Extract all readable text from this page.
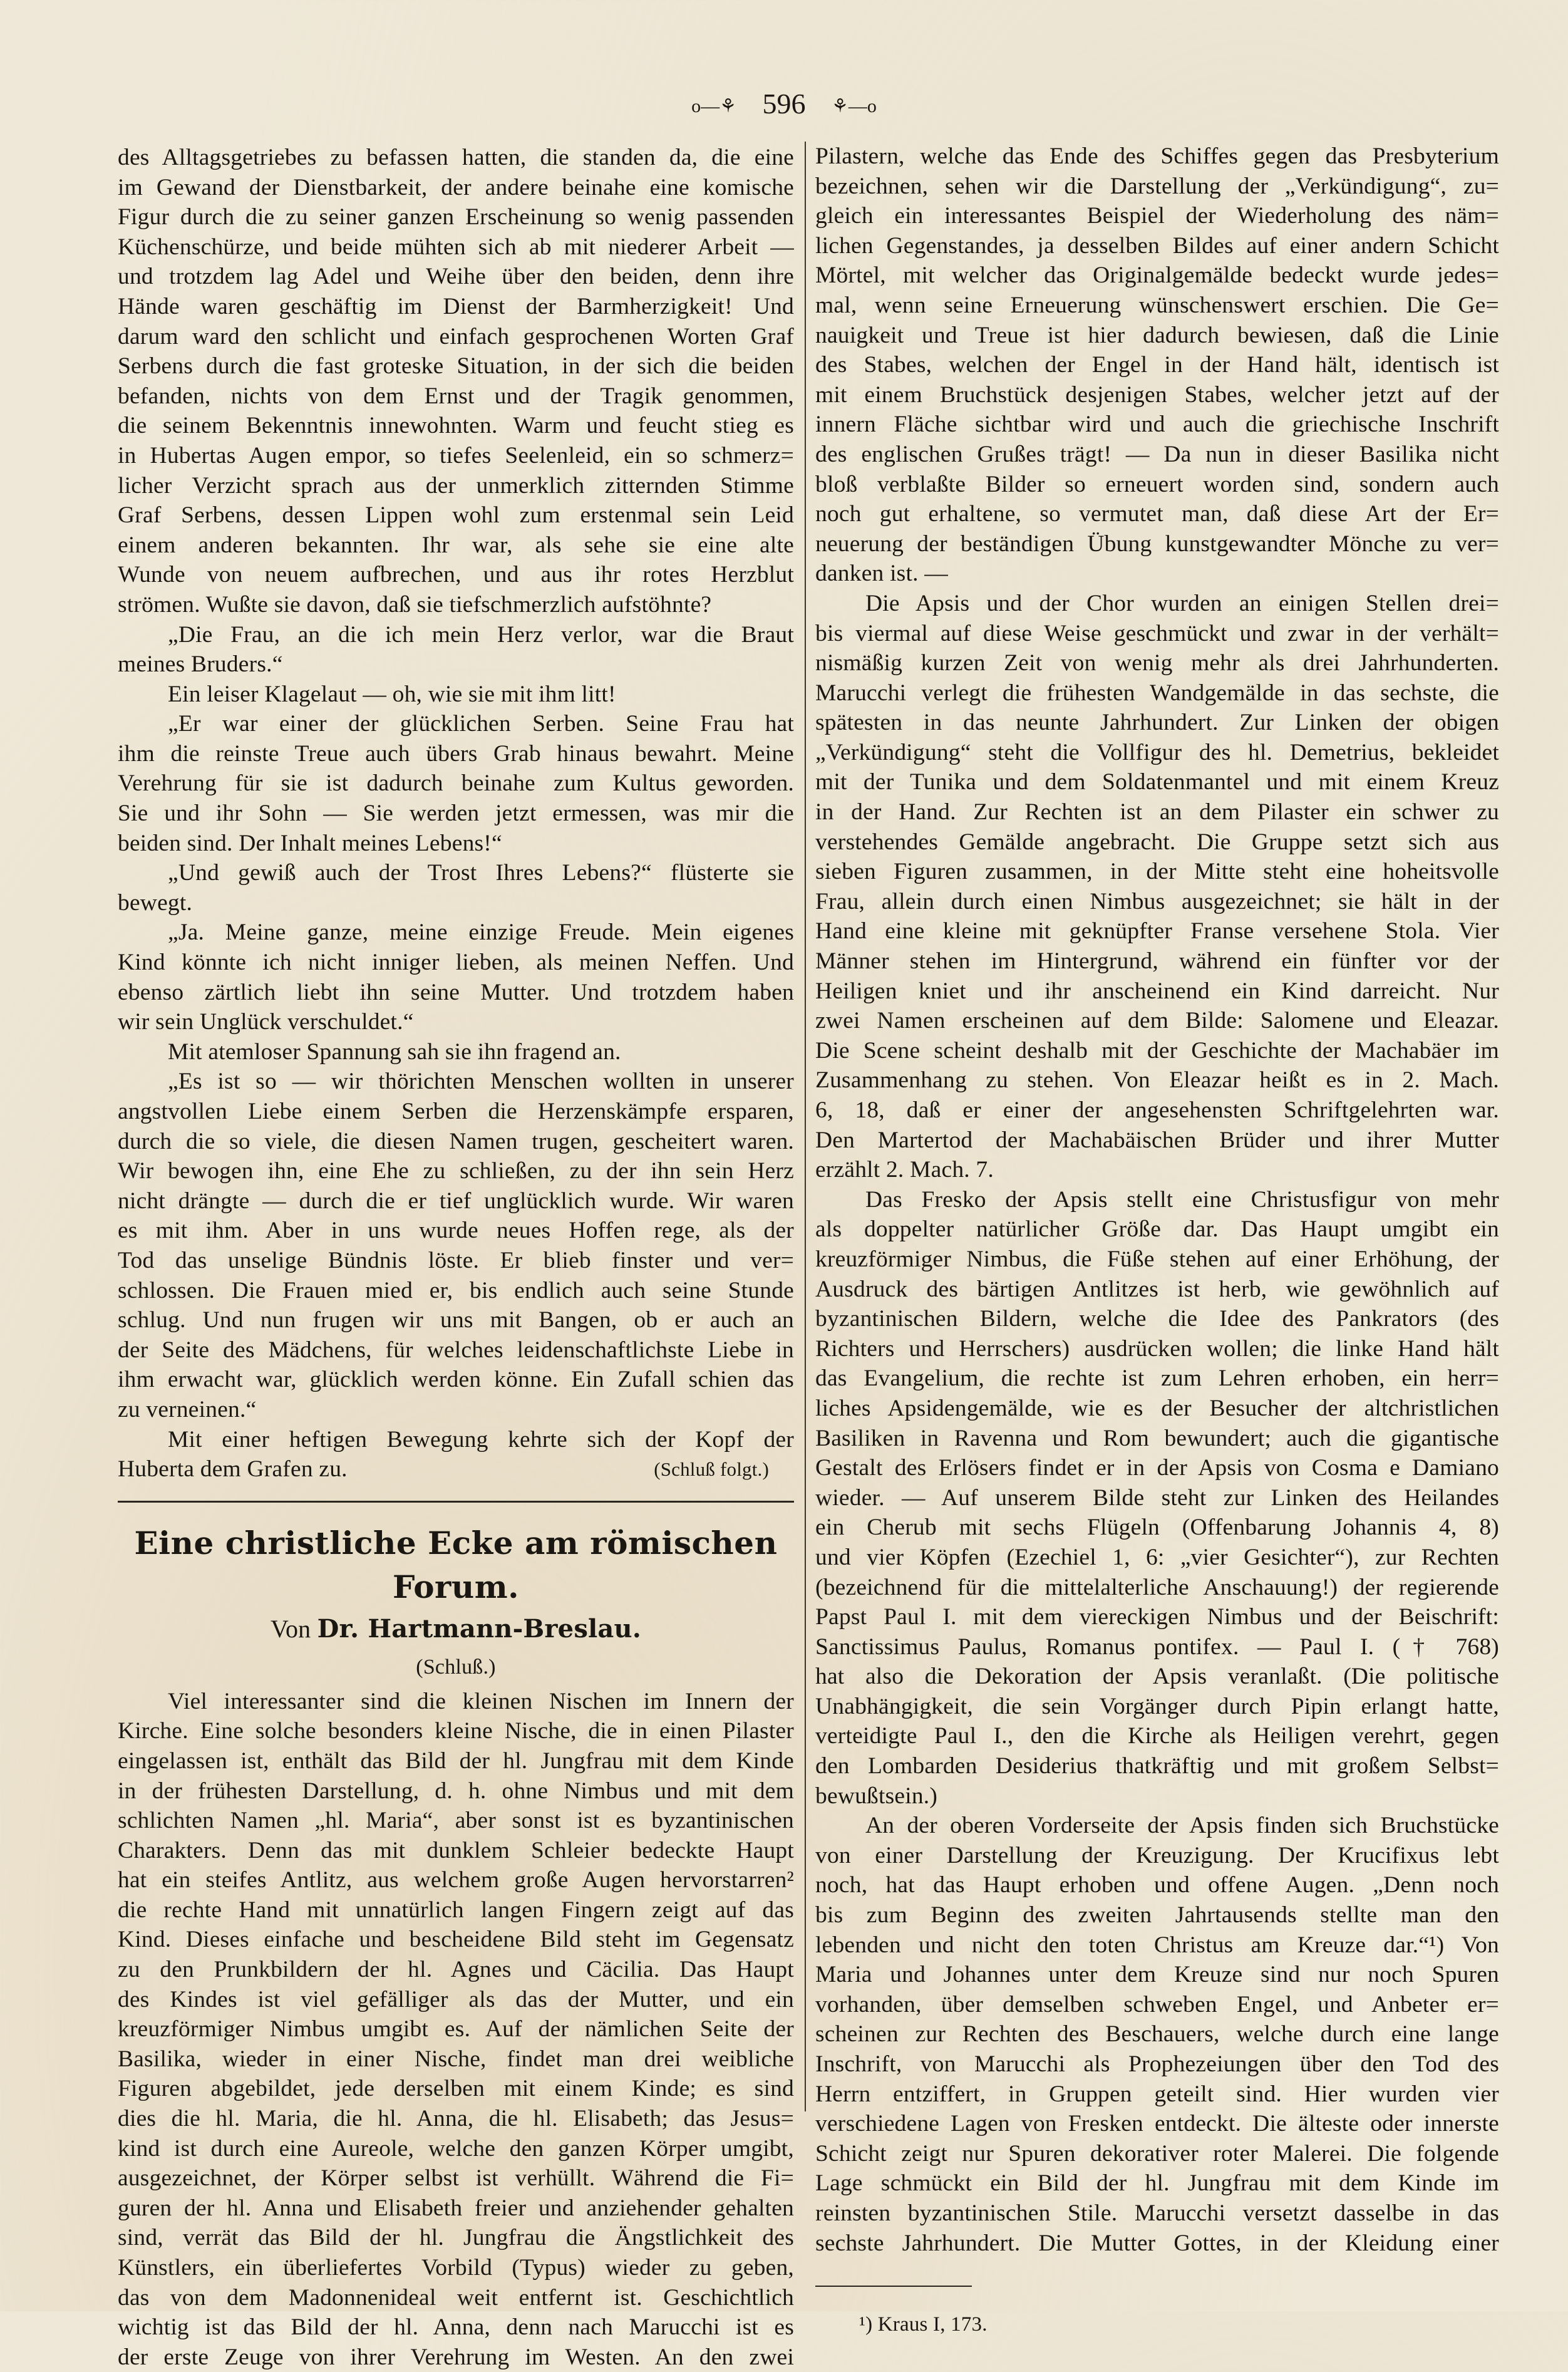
o—⚘ 596 ⚘—o
des Alltagsgetriebes zu befassen hatten, die standen da, die eine
im Gewand der Dienstbarkeit, der andere beinahe eine komische
Figur durch die zu seiner ganzen Erscheinung so wenig passenden
Küchenschürze, und beide mühten sich ab mit niederer Arbeit —
und trotzdem lag Adel und Weihe über den beiden, denn ihre
Hände waren geschäftig im Dienst der Barmherzigkeit! Und
darum ward den schlicht und einfach gesprochenen Worten Graf
Serbens durch die fast groteske Situation, in der sich die beiden
befanden, nichts von dem Ernst und der Tragik genommen,
die seinem Bekenntnis innewohnten. Warm und feucht stieg es
in Hubertas Augen empor, so tiefes Seelenleid, ein so schmerz=
licher Verzicht sprach aus der unmerklich zitternden Stimme
Graf Serbens, dessen Lippen wohl zum erstenmal sein Leid
einem anderen bekannten. Ihr war, als sehe sie eine alte
Wunde von neuem aufbrechen, und aus ihr rotes Herzblut
strömen. Wußte sie davon, daß sie tiefschmerzlich aufstöhnte?
„Die Frau, an die ich mein Herz verlor, war die Braut
meines Bruders.“
Ein leiser Klagelaut — oh, wie sie mit ihm litt!
„Er war einer der glücklichen Serben. Seine Frau hat
ihm die reinste Treue auch übers Grab hinaus bewahrt. Meine
Verehrung für sie ist dadurch beinahe zum Kultus geworden.
Sie und ihr Sohn — Sie werden jetzt ermessen, was mir die
beiden sind. Der Inhalt meines Lebens!“
„Und gewiß auch der Trost Ihres Lebens?“ flüsterte sie
bewegt.
„Ja. Meine ganze, meine einzige Freude. Mein eigenes
Kind könnte ich nicht inniger lieben, als meinen Neffen. Und
ebenso zärtlich liebt ihn seine Mutter. Und trotzdem haben
wir sein Unglück verschuldet.“
Mit atemloser Spannung sah sie ihn fragend an.
„Es ist so — wir thörichten Menschen wollten in unserer
angstvollen Liebe einem Serben die Herzenskämpfe ersparen,
durch die so viele, die diesen Namen trugen, gescheitert waren.
Wir bewogen ihn, eine Ehe zu schließen, zu der ihn sein Herz
nicht drängte — durch die er tief unglücklich wurde. Wir waren
es mit ihm. Aber in uns wurde neues Hoffen rege, als der
Tod das unselige Bündnis löste. Er blieb finster und ver=
schlossen. Die Frauen mied er, bis endlich auch seine Stunde
schlug. Und nun frugen wir uns mit Bangen, ob er auch an
der Seite des Mädchens, für welches leidenschaftlichste Liebe in
ihm erwacht war, glücklich werden könne. Ein Zufall schien das
zu verneinen.“
Mit einer heftigen Bewegung kehrte sich der Kopf der
Huberta dem Grafen zu.	(Schluß folgt.)
Eine christliche Ecke am römischen Forum.
Von Dr. Hartmann-Breslau.
(Schluß.)
Viel interessanter sind die kleinen Nischen im Innern der
Kirche. Eine solche besonders kleine Nische, die in einen Pilaster
eingelassen ist, enthält das Bild der hl. Jungfrau mit dem Kinde
in der frühesten Darstellung, d. h. ohne Nimbus und mit dem
schlichten Namen „hl. Maria“, aber sonst ist es byzantinischen
Charakters. Denn das mit dunklem Schleier bedeckte Haupt
hat ein steifes Antlitz, aus welchem große Augen hervorstarren²
die rechte Hand mit unnatürlich langen Fingern zeigt auf das
Kind. Dieses einfache und bescheidene Bild steht im Gegensatz
zu den Prunkbildern der hl. Agnes und Cäcilia. Das Haupt
des Kindes ist viel gefälliger als das der Mutter, und ein
kreuzförmiger Nimbus umgibt es. Auf der nämlichen Seite der
Basilika, wieder in einer Nische, findet man drei weibliche
Figuren abgebildet, jede derselben mit einem Kinde; es sind
dies die hl. Maria, die hl. Anna, die hl. Elisabeth; das Jesus=
kind ist durch eine Aureole, welche den ganzen Körper umgibt,
ausgezeichnet, der Körper selbst ist verhüllt. Während die Fi=
guren der hl. Anna und Elisabeth freier und anziehender gehalten
sind, verrät das Bild der hl. Jungfrau die Ängstlichkeit des
Künstlers, ein überliefertes Vorbild (Typus) wieder zu geben,
das von dem Madonnenideal weit entfernt ist. Geschichtlich
wichtig ist das Bild der hl. Anna, denn nach Marucchi ist es
der erste Zeuge von ihrer Verehrung im Westen. An den zwei
Pilastern, welche das Ende des Schiffes gegen das Presbyterium
bezeichnen, sehen wir die Darstellung der „Verkündigung“, zu=
gleich ein interessantes Beispiel der Wiederholung des näm=
lichen Gegenstandes, ja desselben Bildes auf einer andern Schicht
Mörtel, mit welcher das Originalgemälde bedeckt wurde jedes=
mal, wenn seine Erneuerung wünschenswert erschien. Die Ge=
nauigkeit und Treue ist hier dadurch bewiesen, daß die Linie
des Stabes, welchen der Engel in der Hand hält, identisch ist
mit einem Bruchstück desjenigen Stabes, welcher jetzt auf der
innern Fläche sichtbar wird und auch die griechische Inschrift
des englischen Grußes trägt! — Da nun in dieser Basilika nicht
bloß verblaßte Bilder so erneuert worden sind, sondern auch
noch gut erhaltene, so vermutet man, daß diese Art der Er=
neuerung der beständigen Übung kunstgewandter Mönche zu ver=
danken ist. —
Die Apsis und der Chor wurden an einigen Stellen drei=
bis viermal auf diese Weise geschmückt und zwar in der verhält=
nismäßig kurzen Zeit von wenig mehr als drei Jahrhunderten.
Marucchi verlegt die frühesten Wandgemälde in das sechste, die
spätesten in das neunte Jahrhundert. Zur Linken der obigen
„Verkündigung“ steht die Vollfigur des hl. Demetrius, bekleidet
mit der Tunika und dem Soldatenmantel und mit einem Kreuz
in der Hand. Zur Rechten ist an dem Pilaster ein schwer zu
verstehendes Gemälde angebracht. Die Gruppe setzt sich aus
sieben Figuren zusammen, in der Mitte steht eine hoheitsvolle
Frau, allein durch einen Nimbus ausgezeichnet; sie hält in der
Hand eine kleine mit geknüpfter Franse versehene Stola. Vier
Männer stehen im Hintergrund, während ein fünfter vor der
Heiligen kniet und ihr anscheinend ein Kind darreicht. Nur
zwei Namen erscheinen auf dem Bilde: Salomene und Eleazar.
Die Scene scheint deshalb mit der Geschichte der Machabäer im
Zusammenhang zu stehen. Von Eleazar heißt es in 2. Mach.
6, 18, daß er einer der angesehensten Schriftgelehrten war.
Den Martertod der Machabäischen Brüder und ihrer Mutter
erzählt 2. Mach. 7.
Das Fresko der Apsis stellt eine Christusfigur von mehr
als doppelter natürlicher Größe dar. Das Haupt umgibt ein
kreuzförmiger Nimbus, die Füße stehen auf einer Erhöhung, der
Ausdruck des bärtigen Antlitzes ist herb, wie gewöhnlich auf
byzantinischen Bildern, welche die Idee des Pankrators (des
Richters und Herrschers) ausdrücken wollen; die linke Hand hält
das Evangelium, die rechte ist zum Lehren erhoben, ein herr=
liches Apsidengemälde, wie es der Besucher der altchristlichen
Basiliken in Ravenna und Rom bewundert; auch die gigantische
Gestalt des Erlösers findet er in der Apsis von Cosma e Damiano
wieder. — Auf unserem Bilde steht zur Linken des Heilandes
ein Cherub mit sechs Flügeln (Offenbarung Johannis 4, 8)
und vier Köpfen (Ezechiel 1, 6: „vier Gesichter“), zur Rechten
(bezeichnend für die mittelalterliche Anschauung!) der regierende
Papst Paul I. mit dem viereckigen Nimbus und der Beischrift:
Sanctissimus Paulus, Romanus pontifex. — Paul I. († 768)
hat also die Dekoration der Apsis veranlaßt. (Die politische
Unabhängigkeit, die sein Vorgänger durch Pipin erlangt hatte,
verteidigte Paul I., den die Kirche als Heiligen verehrt, gegen
den Lombarden Desiderius thatkräftig und mit großem Selbst=
bewußtsein.)
An der oberen Vorderseite der Apsis finden sich Bruchstücke
von einer Darstellung der Kreuzigung. Der Krucifixus lebt
noch, hat das Haupt erhoben und offene Augen. „Denn noch
bis zum Beginn des zweiten Jahrtausends stellte man den
lebenden und nicht den toten Christus am Kreuze dar.“¹) Von
Maria und Johannes unter dem Kreuze sind nur noch Spuren
vorhanden, über demselben schweben Engel, und Anbeter er=
scheinen zur Rechten des Beschauers, welche durch eine lange
Inschrift, von Marucchi als Prophezeiungen über den Tod des
Herrn entziffert, in Gruppen geteilt sind. Hier wurden vier
verschiedene Lagen von Fresken entdeckt. Die älteste oder innerste
Schicht zeigt nur Spuren dekorativer roter Malerei. Die folgende
Lage schmückt ein Bild der hl. Jungfrau mit dem Kinde im
reinsten byzantinischen Stile. Marucchi versetzt dasselbe in das
sechste Jahrhundert. Die Mutter Gottes, in der Kleidung einer
¹) Kraus I, 173.
